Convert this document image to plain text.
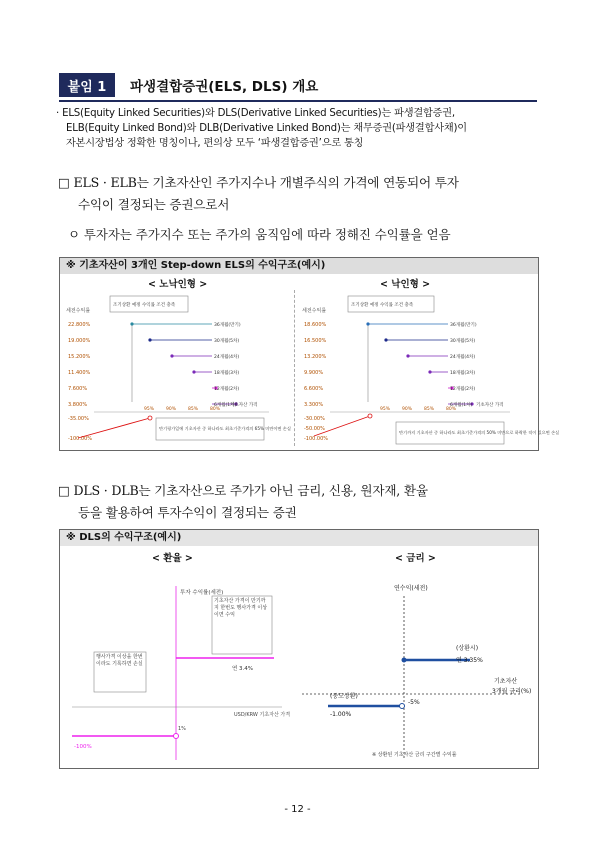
붙임 1	파생결합증권(ELS, DLS) 개요
· ELS(Equity Linked Securities)와 DLS(Derivative Linked Securities)는 파생결합증권,
ELB(Equity Linked Bond)와 DLB(Derivative Linked Bond)는 채무증권(파생결합사채)이
자본시장법상 정확한 명칭이나, 편의상 모두 ‘파생결합증권’으로 통칭
□ ELS · ELB는 기초자산인 주가지수나 개별주식의 가격에 연동되어 투자
수익이 결정되는 증권으로서
ㅇ 투자자는 주가지수 또는 주가의 움직임에 따라 정해진 수익률을 얻음
※ 기초자산이 3개인 Step-down ELS의 수익구조(예시)
< 노낙인형 >	< 낙인형 >
세전수익률
조기상환 예정 수익률 조건 충족
36개월(만기)
30개월(5차)
24개월(4차)
18개월(3차)
12개월(2차)
6개월(1차)
22.800%
19.000%
15.200%
11.400%
7.600%
3.800%
-35.00%
-100.00%
95%	90%	85%	80%
만기평가일에 기초자산 중 하나라도 최초기준가격의 65% 미만이면 손실
기초자산 가격
세전수익률
조기상환 예정 수익률 조건 충족
36개월(만기)
30개월(5차)
24개월(4차)
18개월(3차)
12개월(2차)
6개월(1차)
18.600%
16.500%
13.200%
9.900%
6.600%
3.300%
-30.00%
-50.00%
-100.00%
95%	90%	85%	80%
만기까지 기초자산 중 하나라도 최초기준가격의 50% 미만으로 하락한 적이 있으면 손실
기초자산 가격
□ DLS · DLB는 기초자산으로 주가가 아닌 금리, 신용, 원자재, 환율
등을 활용하여 투자수익이 결정되는 증권
※ DLS의 수익구조(예시)
< 환율 >	< 금리 >
투자 수익률(세전)
기초자산 가격이 만기까지 한번도 행사가격 이상이면 수익
연 3.4%
행사가격 이상을 한번이라도 기록하면 손실
-100%
1%
USD/KRW 기초자산 가격
연수익(세전)
(상환시)
연 3.35%
-5%
기초자산
3개월 금리(%)
(중도상환)
-1.00%
※ 상환된 기초자산 금리 구간별 수익률
- 12 -
